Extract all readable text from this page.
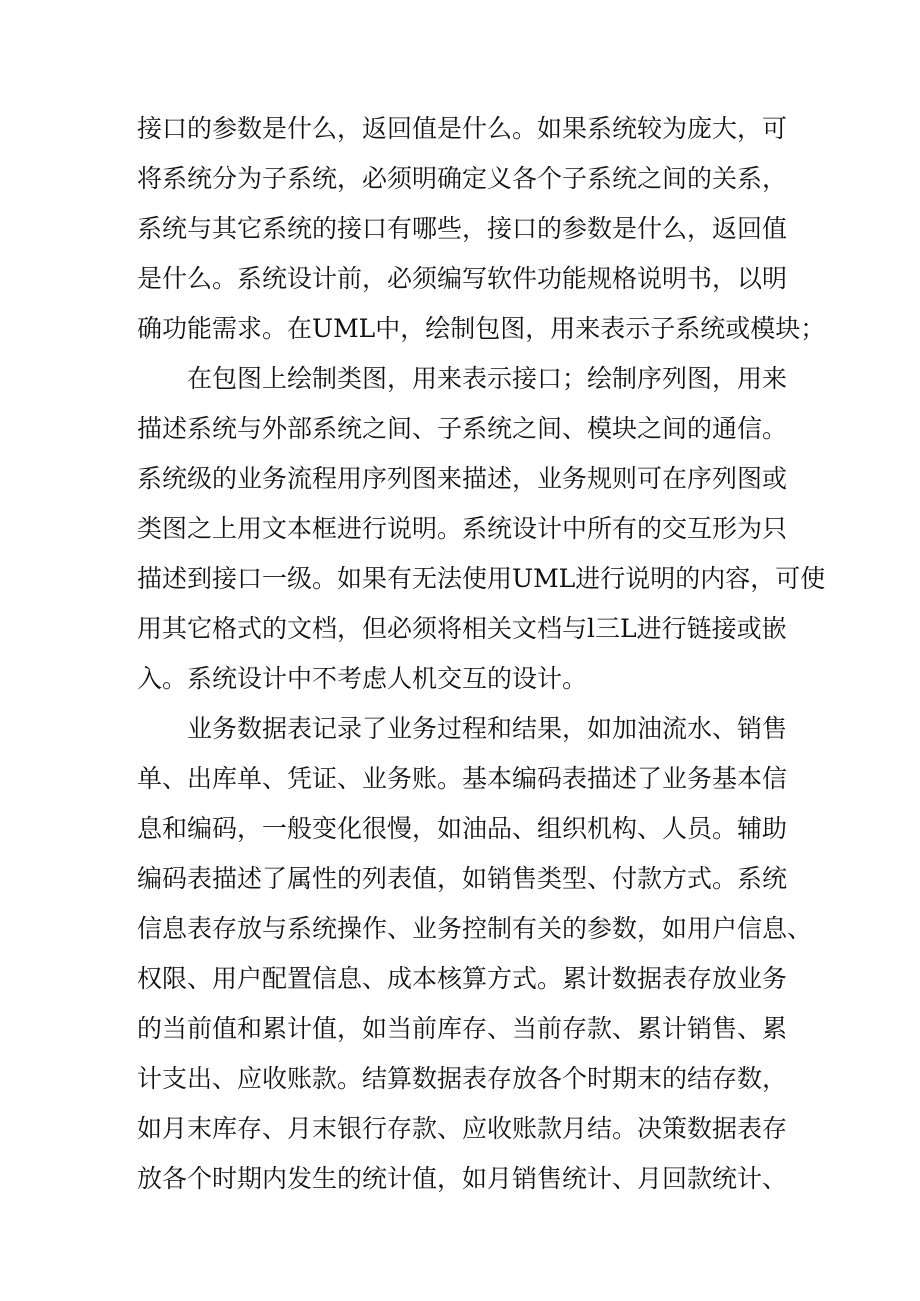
接口的参数是什么，返回值是什么。如果系统较为庞大，可

将系统分为子系统，必须明确定义各个子系统之间的关系，

系统与其它系统的接口有哪些，接口的参数是什么，返回值

是什么。系统设计前，必须编写软件功能规格说明书，以明

确功能需求。在UML中，绘制包图，用来表示子系统或模块；

在包图上绘制类图，用来表示接口；绘制序列图，用来

描述系统与外部系统之间、子系统之间、模块之间的通信。

系统级的业务流程用序列图来描述，业务规则可在序列图或

类图之上用文本框进行说明。系统设计中所有的交互形为只

描述到接口一级。如果有无法使用UML进行说明的内容，可使

用其它格式的文档，但必须将相关文档与l三L进行链接或嵌

入。系统设计中不考虑人机交互的设计。

业务数据表记录了业务过程和结果，如加油流水、销售

单、出库单、凭证、业务账。基本编码表描述了业务基本信

息和编码，一般变化很慢，如油品、组织机构、人员。辅助

编码表描述了属性的列表值，如销售类型、付款方式。系统

信息表存放与系统操作、业务控制有关的参数，如用户信息、

权限、用户配置信息、成本核算方式。累计数据表存放业务

的当前值和累计值，如当前库存、当前存款、累计销售、累

计支出、应收账款。结算数据表存放各个时期末的结存数，

如月末库存、月末银行存款、应收账款月结。决策数据表存

放各个时期内发生的统计值，如月销售统计、月回款统计、
